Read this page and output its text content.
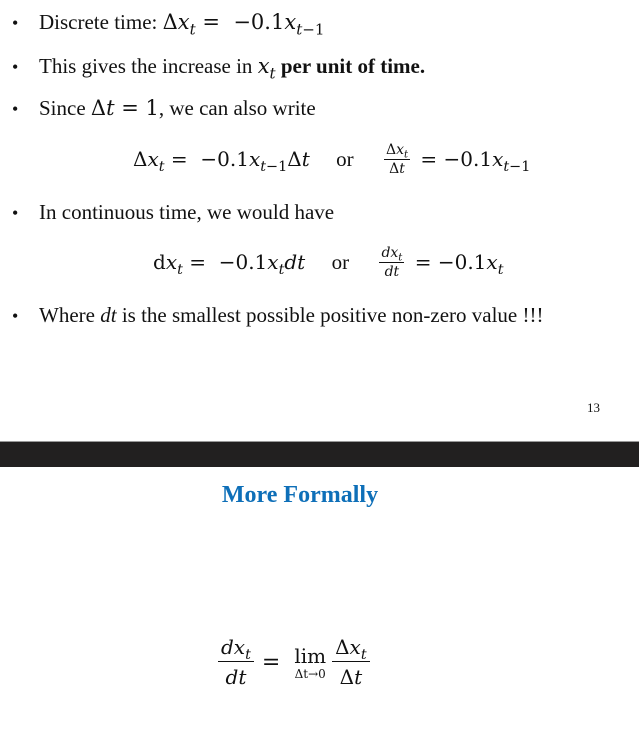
• Discrete time: $\Delta x_t = -0.1x_{t-1}$
• This gives the increase in $x_t$ per unit of time.
• Since Δt = 1, we can also write
$\Delta x_t = -0.1x_{t-1}\Delta t$ or $\frac{\Delta x_t}{\Delta t} = -0.1x_{t-1}$
• In continuous time, we would have
$dx_t = -0.1x_tdt$ or $\frac{dx_t}{dt} = -0.1x_t$
• Where dt is the smallest possible positive non-zero value !!!
13
More Formally
$\frac{dx_t}{dt} = \lim$
$\Delta t\to 0 \frac{\Delta x_t}{\Delta t}$
